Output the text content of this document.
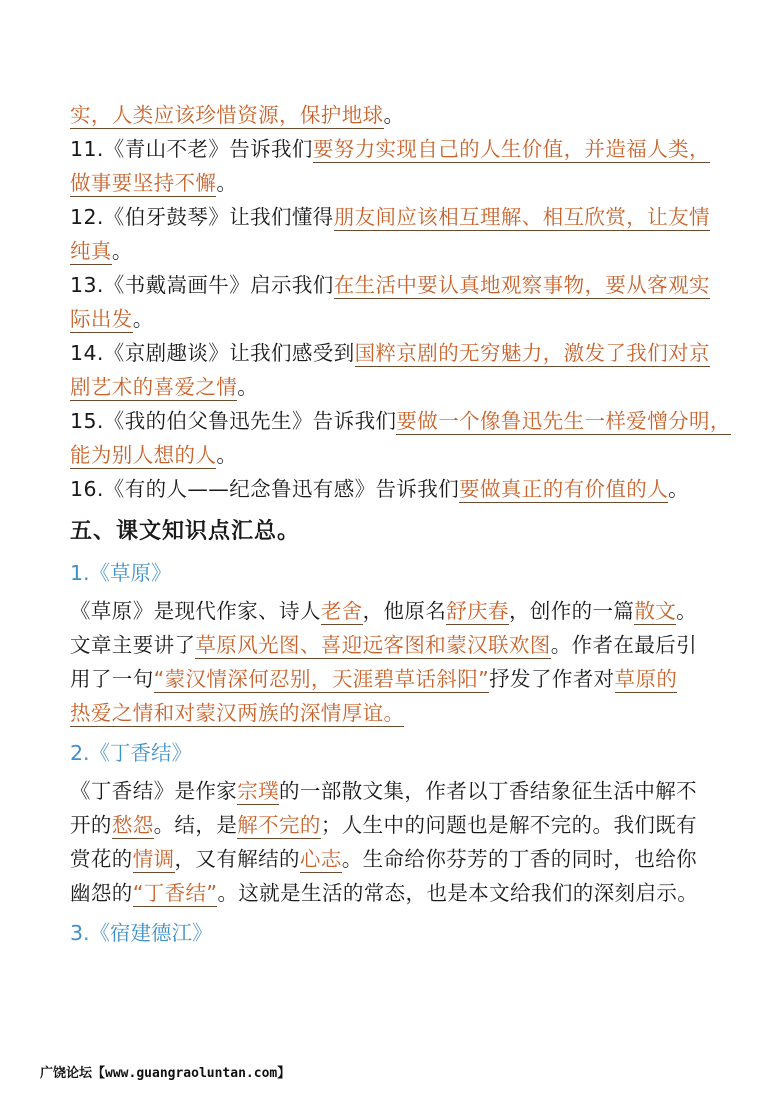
实，人类应该珍惜资源，保护地球。
11.《青山不老》告诉我们要努力实现自己的人生价值，并造福人类，
做事要坚持不懈。
12.《伯牙鼓琴》让我们懂得朋友间应该相互理解、相互欣赏，让友情
纯真。
13.《书戴嵩画牛》启示我们在生活中要认真地观察事物，要从客观实
际出发。
14.《京剧趣谈》让我们感受到国粹京剧的无穷魅力，激发了我们对京
剧艺术的喜爱之情。
15.《我的伯父鲁迅先生》告诉我们要做一个像鲁迅先生一样爱憎分明，
能为别人想的人。
16.《有的人——纪念鲁迅有感》告诉我们要做真正的有价值的人。
五、课文知识点汇总。
1.《草原》
《草原》是现代作家、诗人老舍，他原名舒庆春，创作的一篇散文。
文章主要讲了草原风光图、喜迎远客图和蒙汉联欢图。作者在最后引
用了一句“蒙汉情深何忍别，天涯碧草话斜阳”抒发了作者对草原的
热爱之情和对蒙汉两族的深情厚谊。
2.《丁香结》
《丁香结》是作家宗璞的一部散文集，作者以丁香结象征生活中解不
开的愁怨。结，是解不完的；人生中的问题也是解不完的。我们既有
赏花的情调，又有解结的心志。生命给你芬芳的丁香的同时，也给你
幽怨的“丁香结”。这就是生活的常态，也是本文给我们的深刻启示。
3.《宿建德江》
广饶论坛【www.guangraoluntan.com】
